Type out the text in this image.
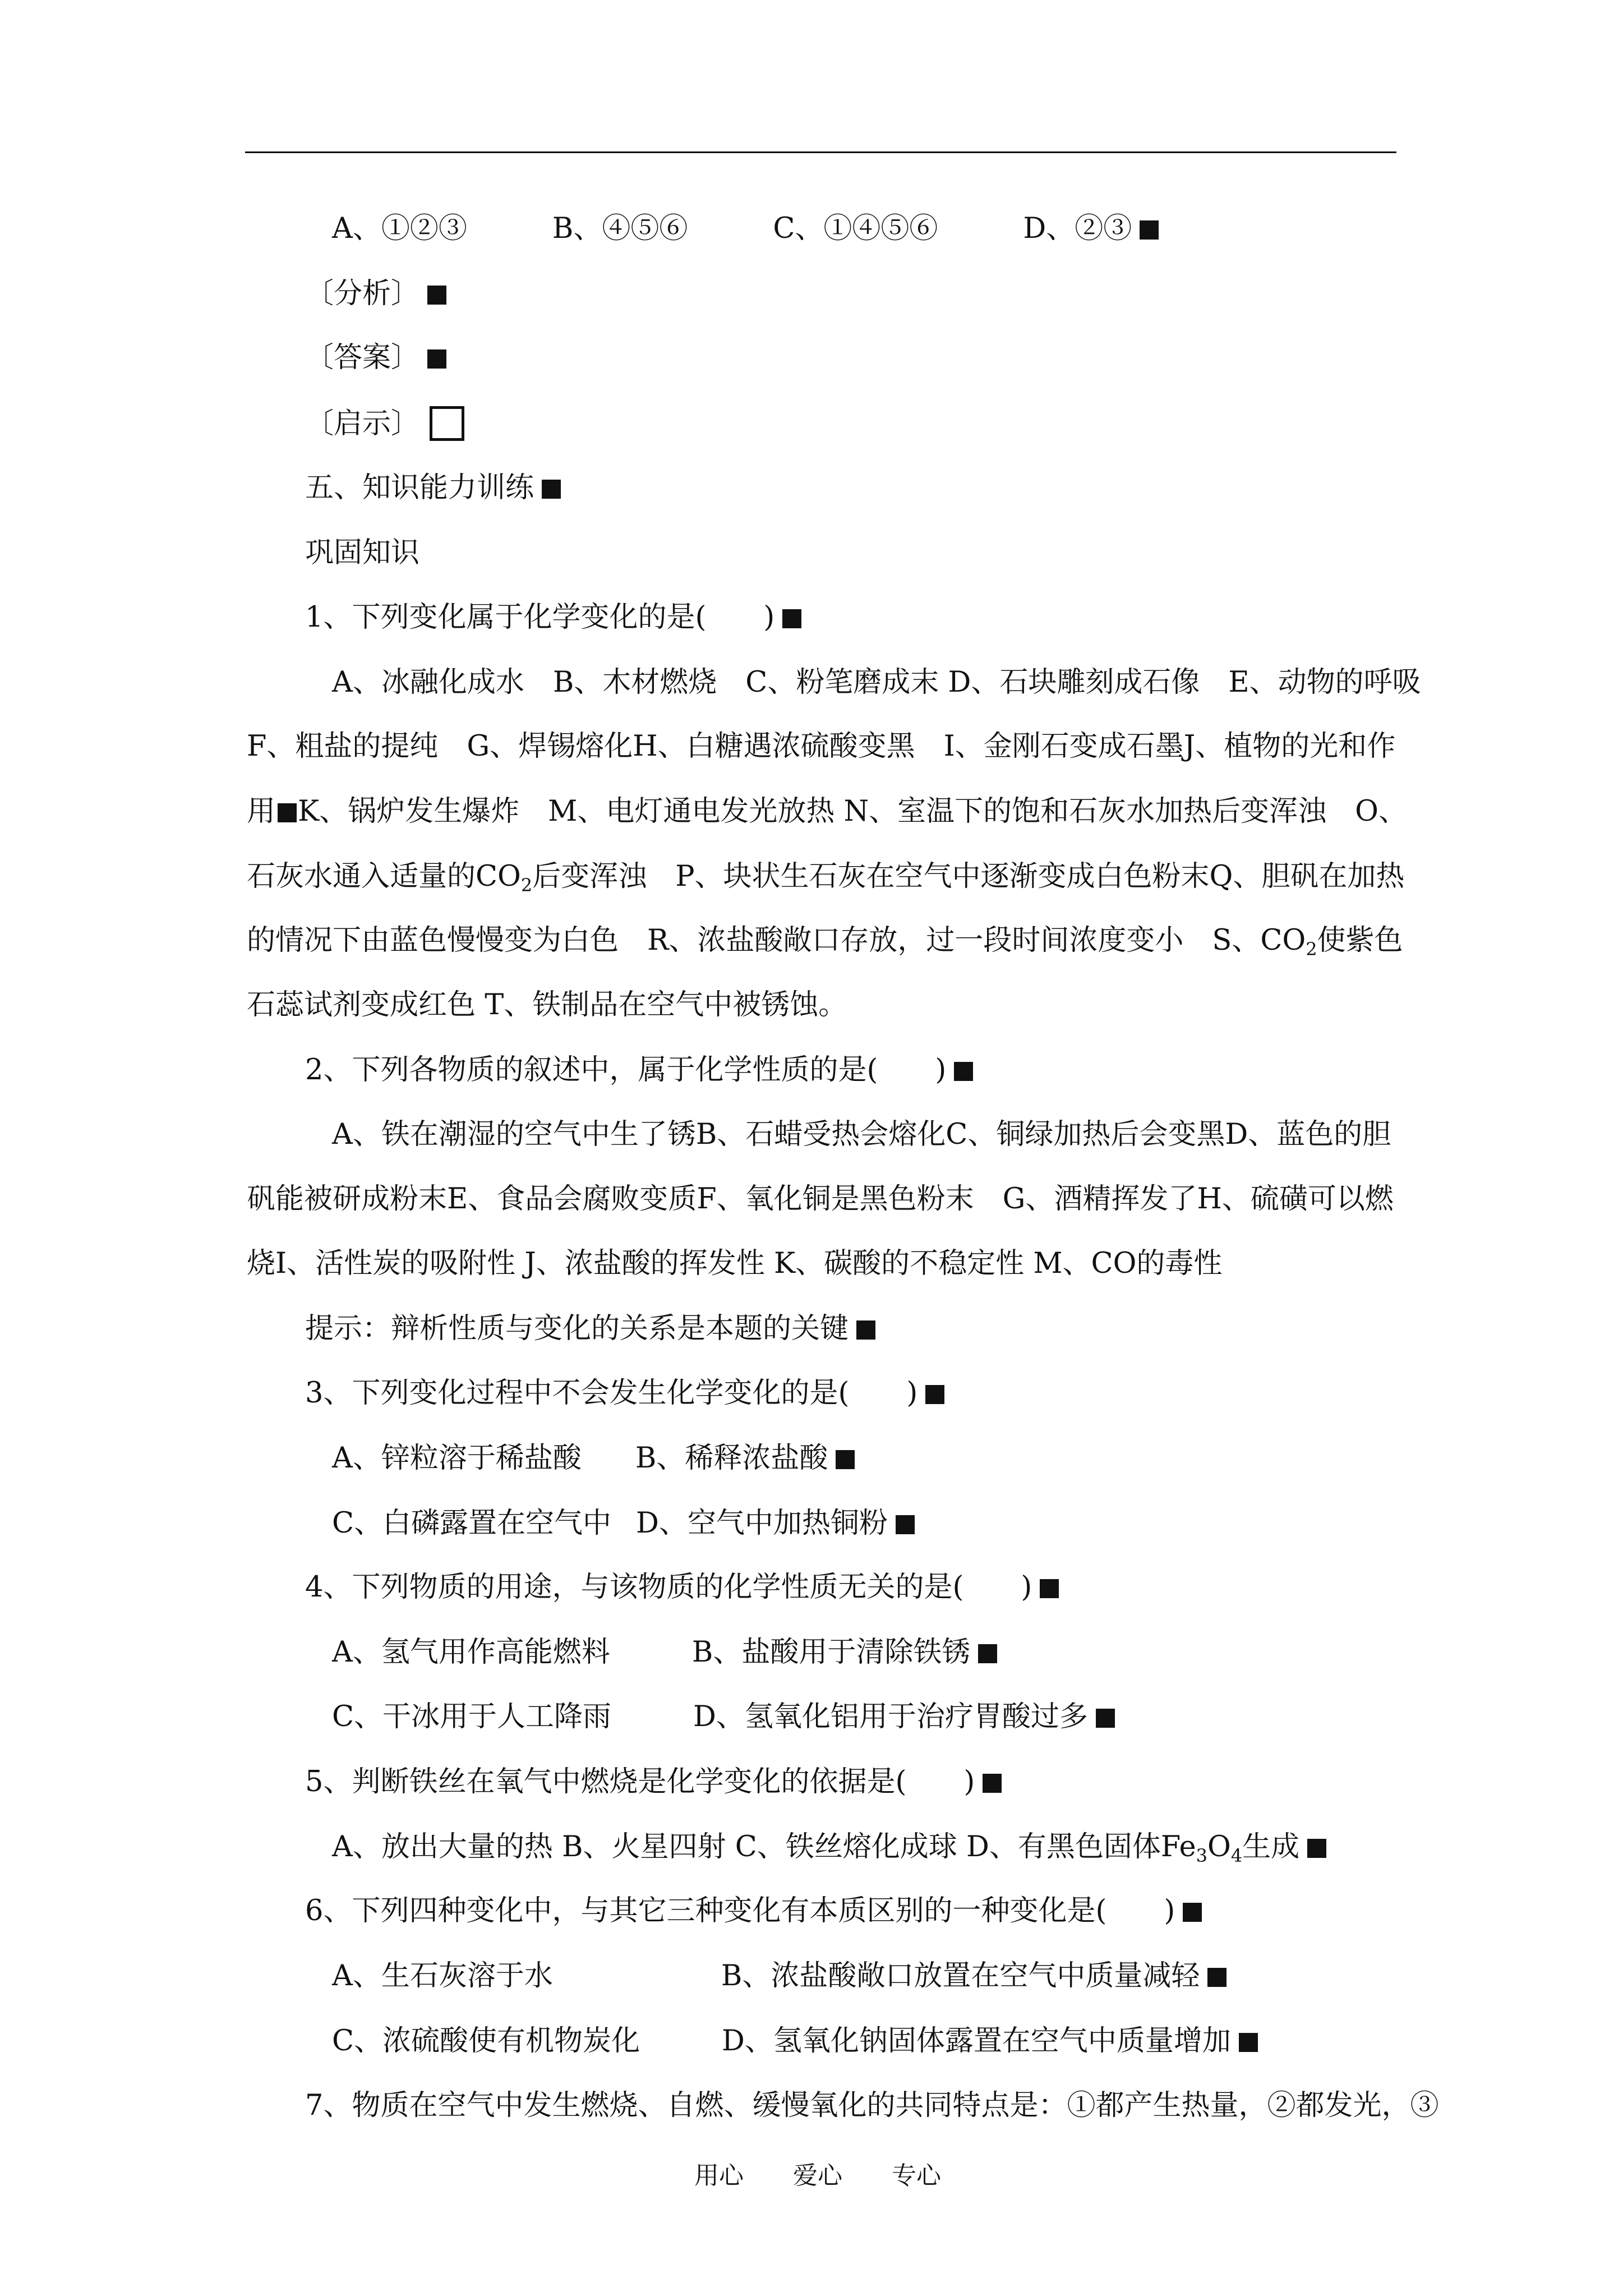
A、①②③	B、④⑤⑥	C、①④⑤⑥	D、②③
〔分析〕
〔答案〕
〔启示〕
五、知识能力训练
巩固知识
1、下列变化属于化学变化的是(　　)
A、冰融化成水　B、木材燃烧　C、粉笔磨成末 D、石块雕刻成石像　E、动物的呼吸
F、粗盐的提纯　G、焊锡熔化H、白糖遇浓硫酸变黑　I、金刚石变成石墨J、植物的光和作
用 K、锅炉发生爆炸　M、电灯通电发光放热 N、室温下的饱和石灰水加热后变浑浊　O、
石灰水通入适量的$CO_2$后变浑浊　P、块状生石灰在空气中逐渐变成白色粉末Q、胆矾在加热
的情况下由蓝色慢慢变为白色　R、浓盐酸敞口存放，过一段时间浓度变小　S、$CO_2$使紫色
石蕊试剂变成红色 T、铁制品在空气中被锈蚀。
2、下列各物质的叙述中，属于化学性质的是(　　)
A、铁在潮湿的空气中生了锈B、石蜡受热会熔化C、铜绿加热后会变黑D、蓝色的胆
矾能被研成粉末E、食品会腐败变质F、氧化铜是黑色粉末　G、酒精挥发了H、硫磺可以燃
烧I、活性炭的吸附性 J、浓盐酸的挥发性 K、碳酸的不稳定性 M、CO的毒性
提示：辩析性质与变化的关系是本题的关键
3、下列变化过程中不会发生化学变化的是(　　)
A、锌粒溶于稀盐酸 B、稀释浓盐酸
C、白磷露置在空气中 D、空气中加热铜粉
4、下列物质的用途，与该物质的化学性质无关的是(　　)
A、氢气用作高能燃料	B、盐酸用于清除铁锈
C、干冰用于人工降雨	D、氢氧化铝用于治疗胃酸过多
5、判断铁丝在氧气中燃烧是化学变化的依据是(　　)
A、放出大量的热 B、火星四射 C、铁丝熔化成球 D、有黑色固体$Fe_3O_4$生成
6、下列四种变化中，与其它三种变化有本质区别的一种变化是(　　)
A、生石灰溶于水	B、浓盐酸敞口放置在空气中质量减轻
C、浓硫酸使有机物炭化	D、氢氧化钠固体露置在空气中质量增加
7、物质在空气中发生燃烧、自燃、缓慢氧化的共同特点是：①都产生热量，②都发光，③
用心 爱心 专心
